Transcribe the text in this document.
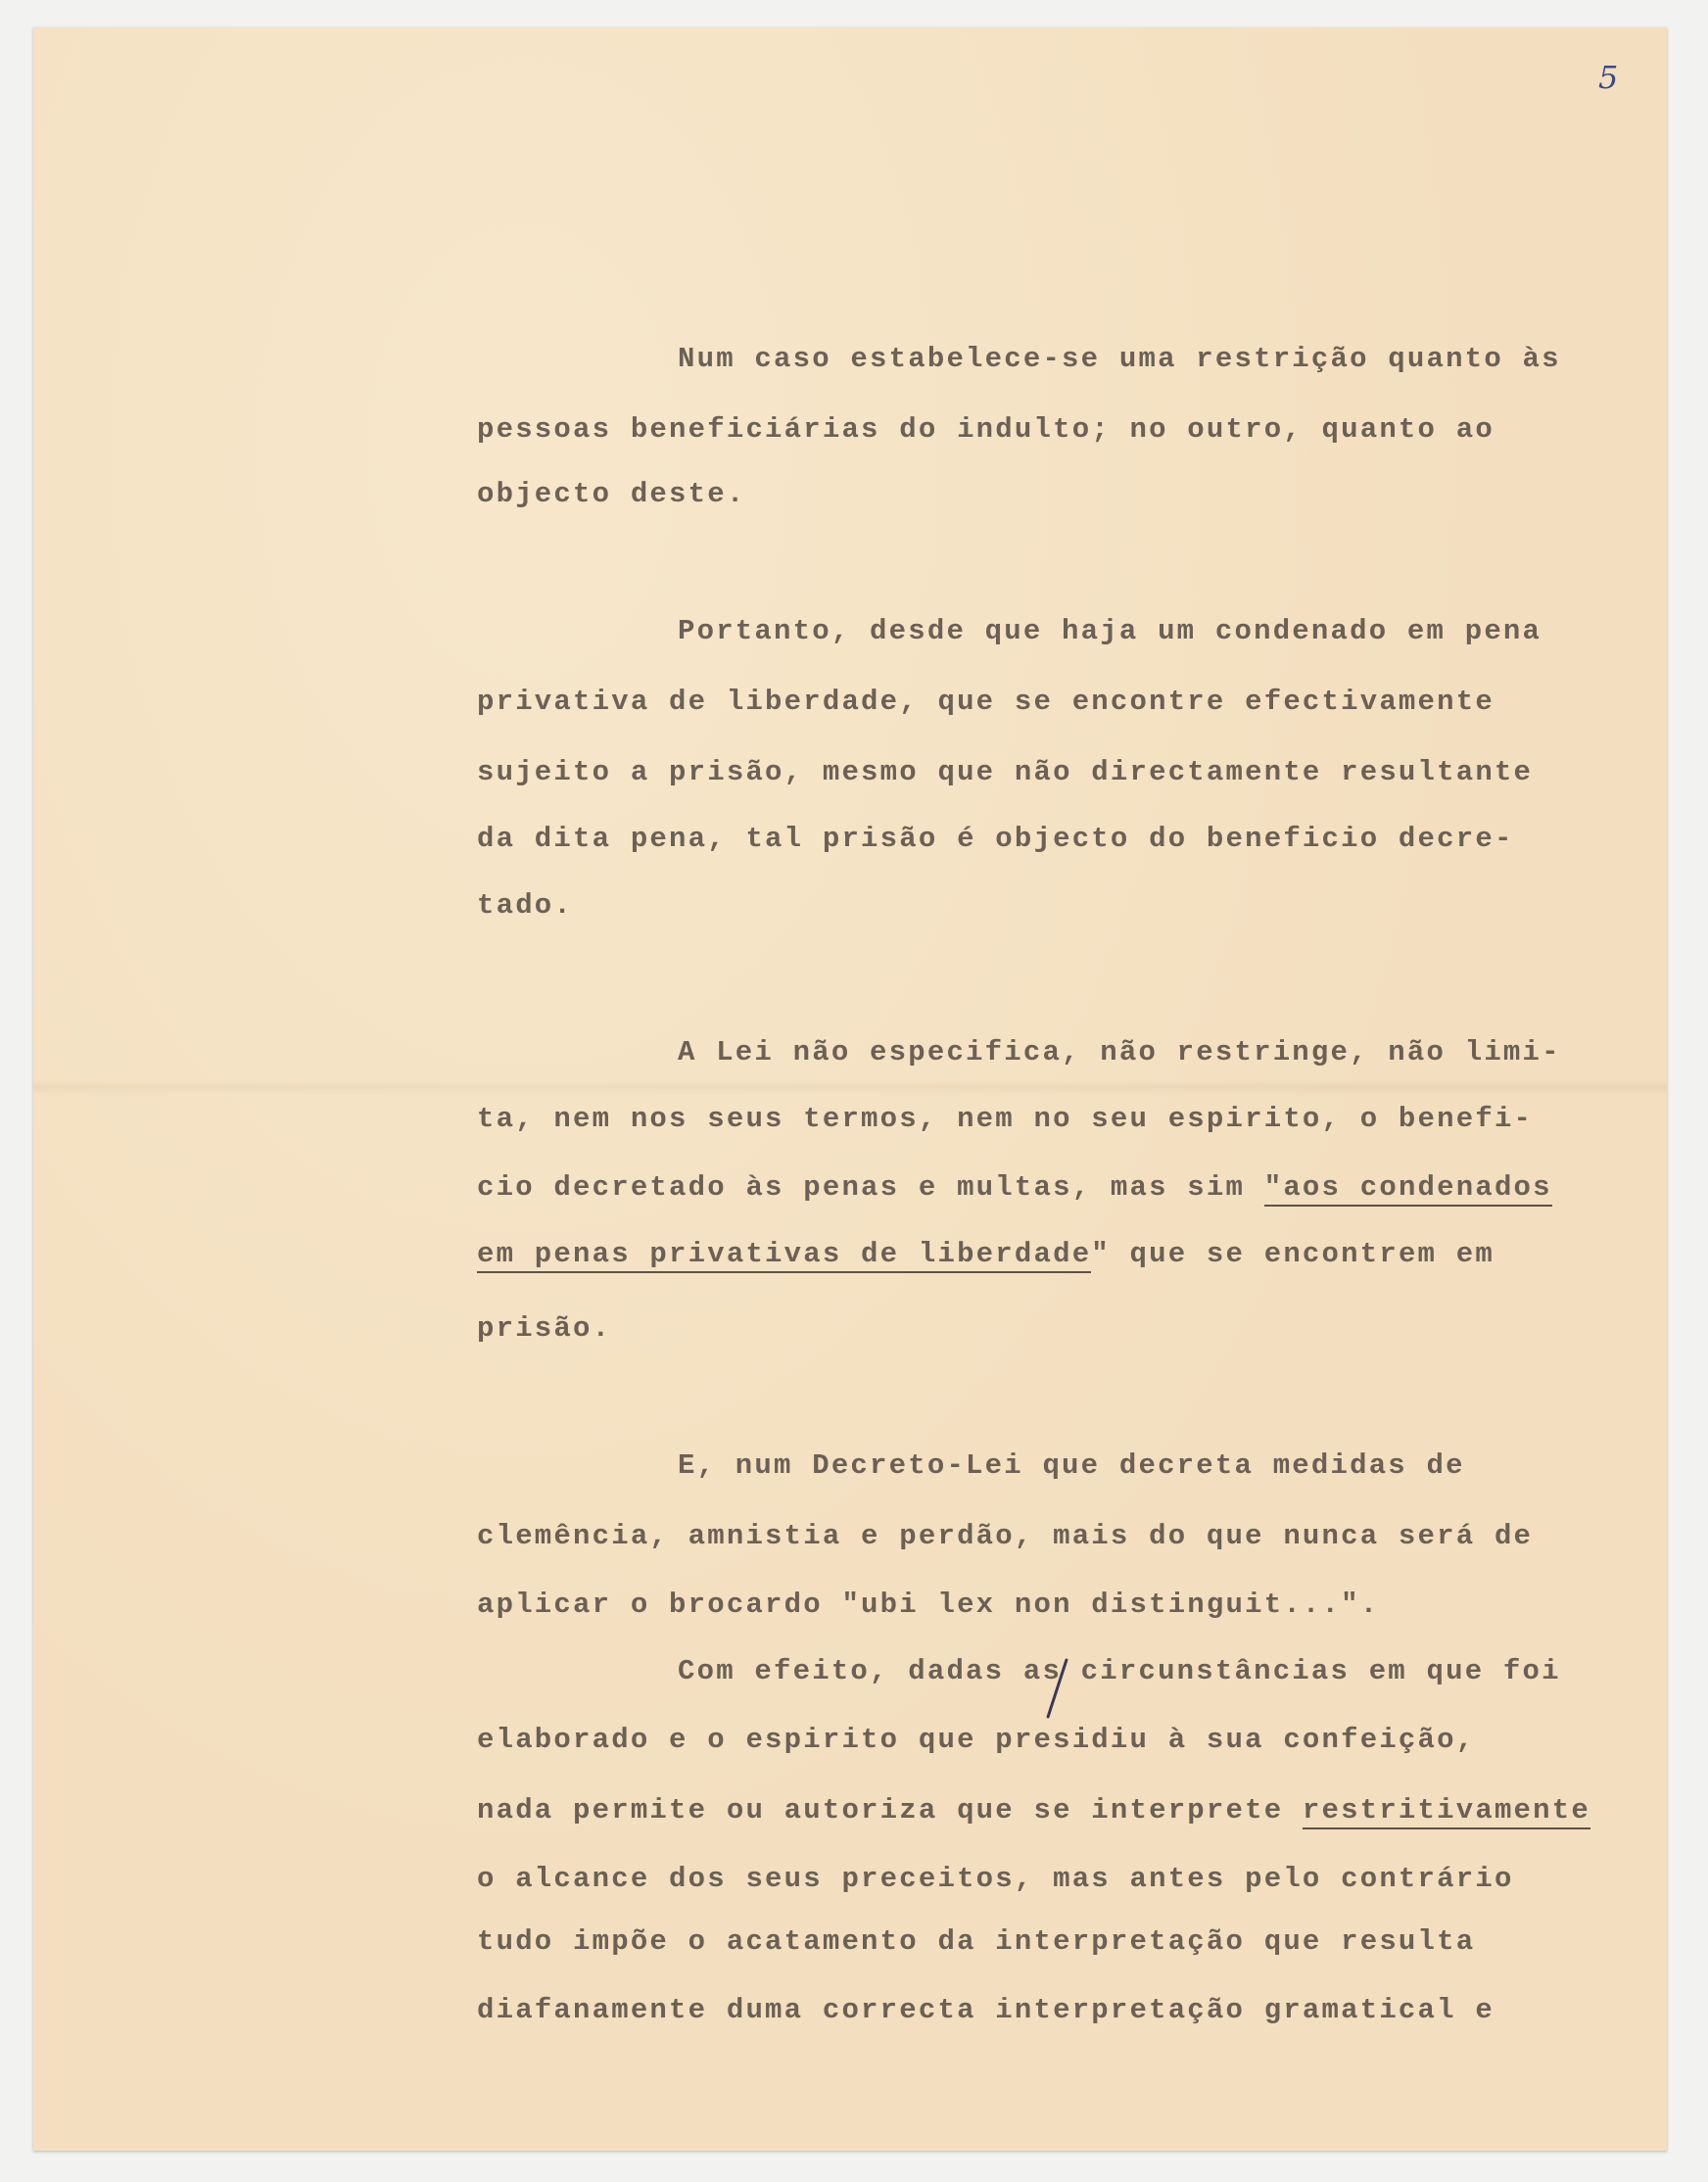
5
Num caso estabelece-se uma restrição quanto às
pessoas beneficiárias do indulto; no outro, quanto ao
objecto deste.
Portanto, desde que haja um condenado em pena
privativa de liberdade, que se encontre efectivamente
sujeito a prisão, mesmo que não directamente resultante
da dita pena, tal prisão é objecto do beneficio decre-
tado.
A Lei não especifica, não restringe, não limi-
ta, nem nos seus termos, nem no seu espirito, o benefi-
cio decretado às penas e multas, mas sim "aos condenados
em penas privativas de liberdade" que se encontrem em
prisão.
E, num Decreto-Lei que decreta medidas de
clemência, amnistia e perdão, mais do que nunca será de
aplicar o brocardo "ubi lex non distinguit...".
Com efeito, dadas as circunstâncias em que foi
elaborado e o espirito que presidiu à sua confeição,
nada permite ou autoriza que se interprete restritivamente
o alcance dos seus preceitos, mas antes pelo contrário
tudo impõe o acatamento da interpretação que resulta
diafanamente duma correcta interpretação gramatical e
